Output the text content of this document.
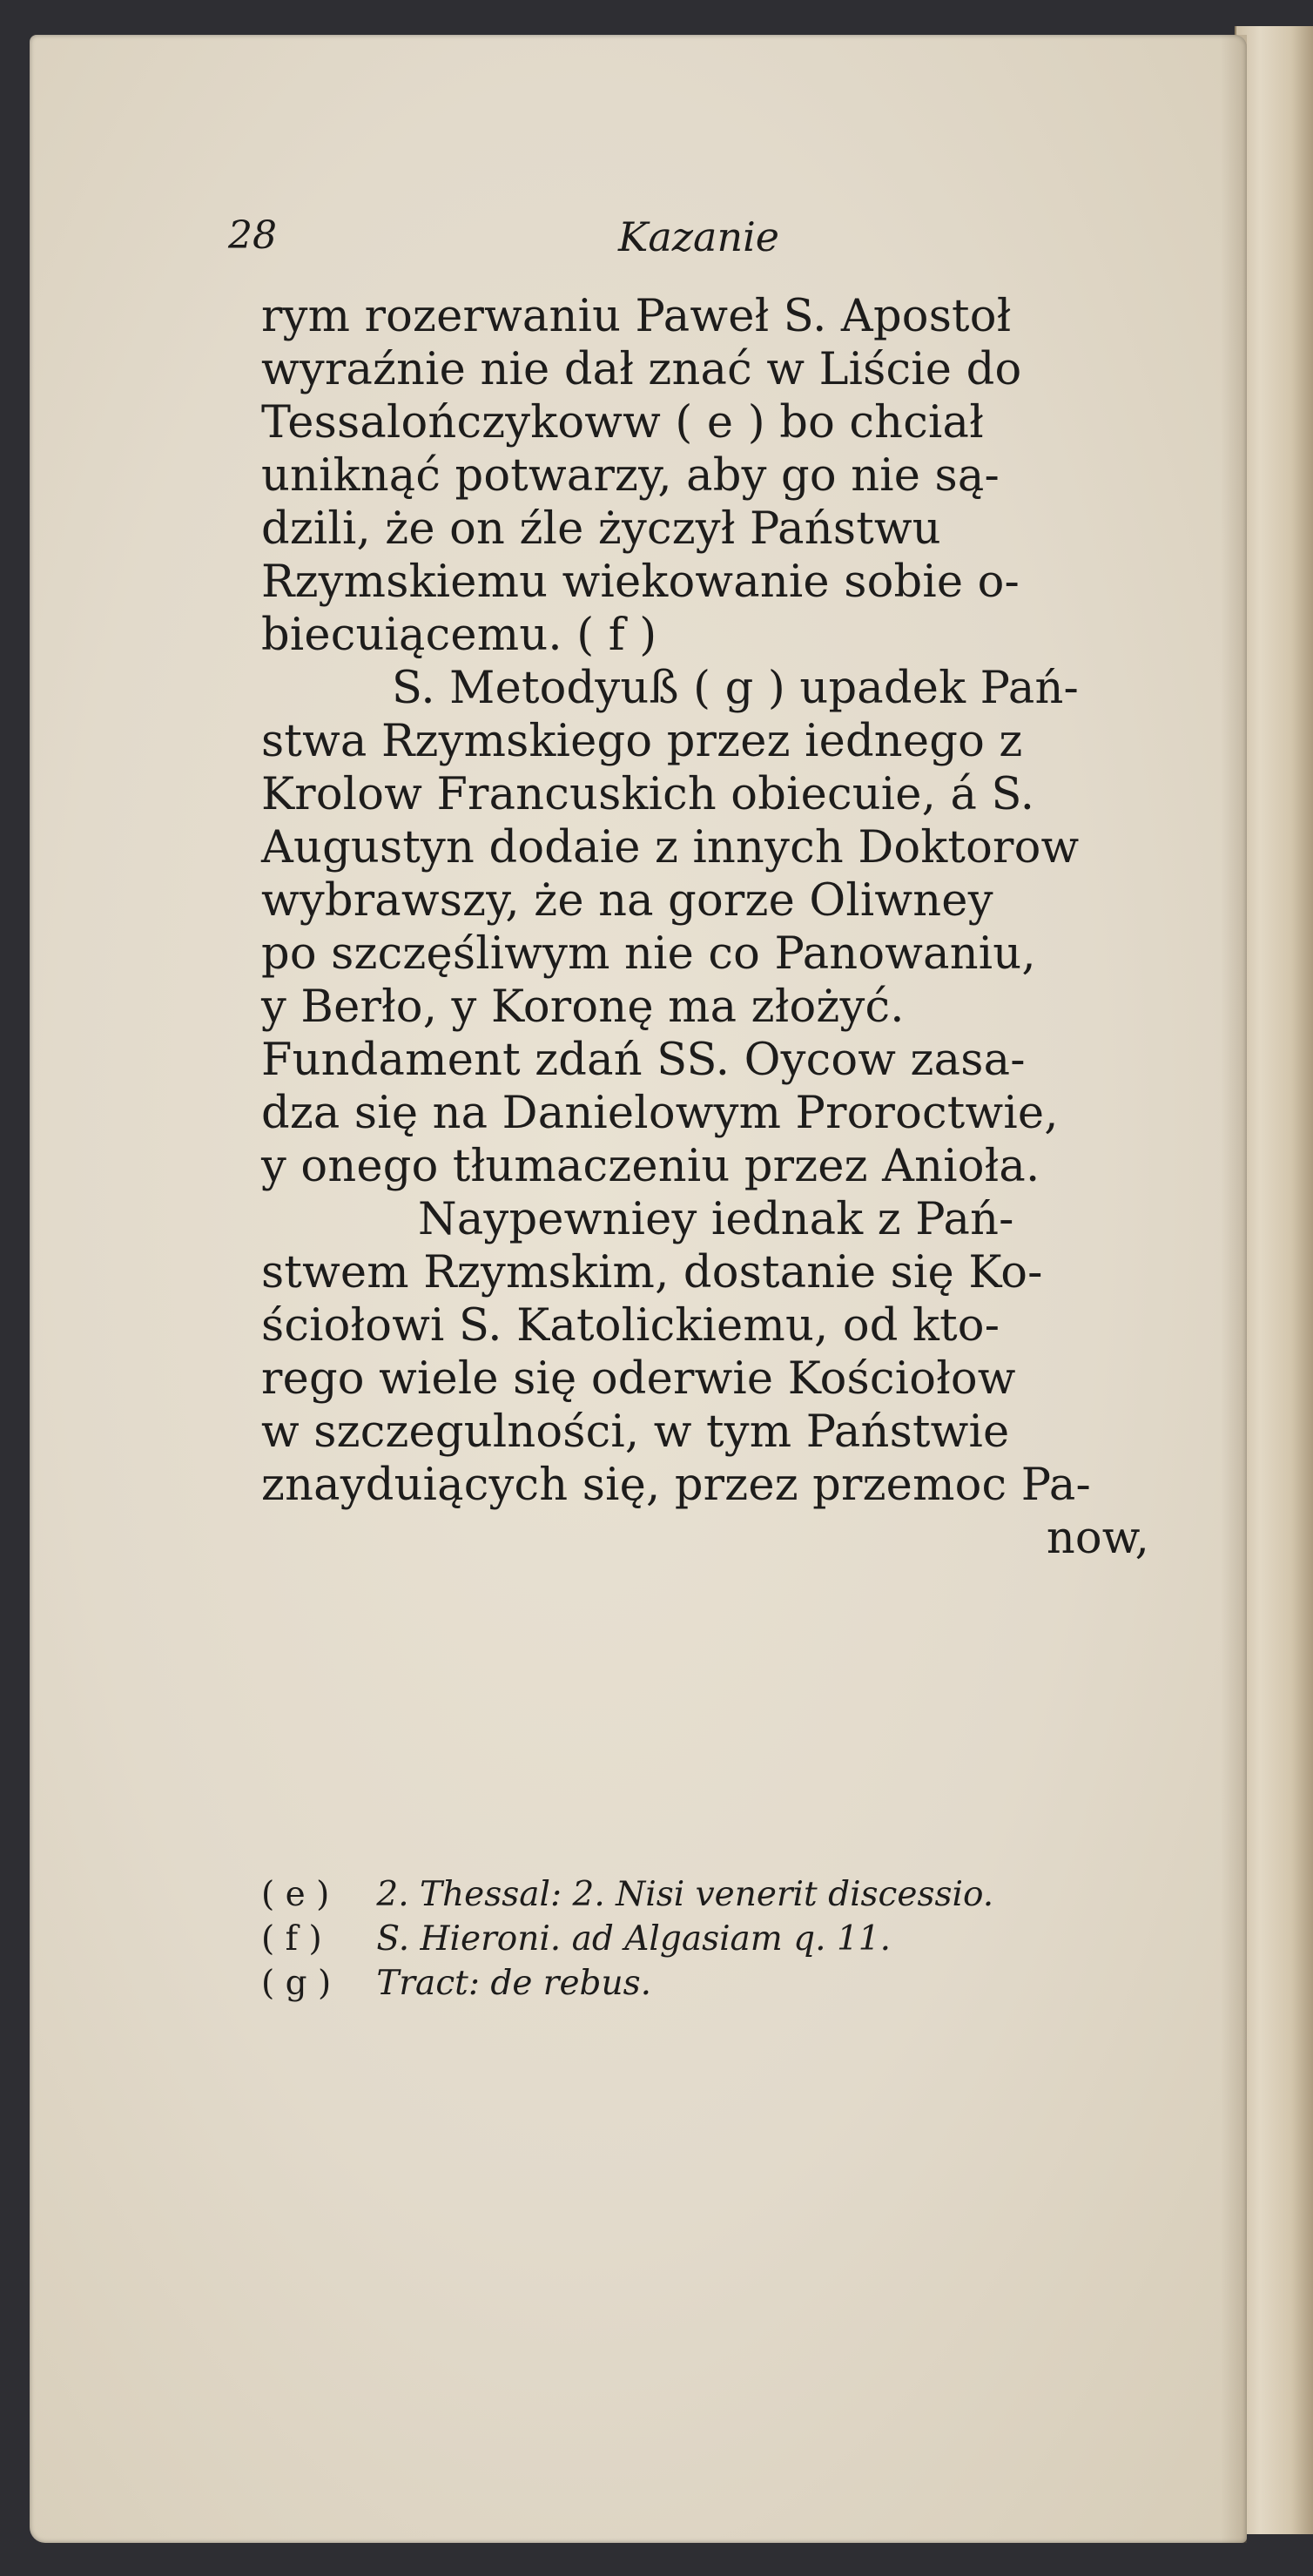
28	Kazanie
rym rozerwaniu Paweł S. Apostoł
wyraźnie nie dał znać w Liście do
Tessalończykoww ( e ) bo chciał
uniknąć potwarzy, aby go nie są-
dzili, że on źle życzył Państwu
Rzymskiemu wiekowanie sobie o-
biecuiącemu. ( f )
S. Metodyuß ( g ) upadek Pań-
stwa Rzymskiego przez iednego z
Krolow Francuskich obiecuie, á S.
Augustyn dodaie z innych Doktorow
wybrawszy, że na gorze Oliwney
po szczęśliwym nie co Panowaniu,
y Berło, y Koronę ma złożyć.
Fundament zdań SS. Oycow zasa-
dza się na Danielowym Proroctwie,
y onego tłumaczeniu przez Anioła.
Naypewniey iednak z Pań-
stwem Rzymskim, dostanie się Ko-
ściołowi S. Katolickiemu, od kto-
rego wiele się oderwie Kościołow
w szczegulności, w tym Państwie
znayduiących się, przez przemoc Pa-
now,
( e ) 2. Thessal: 2. Nisi venerit discessio.
( f ) S. Hieroni. ad Algasiam q. 11.
( g ) Tract: de rebus.
